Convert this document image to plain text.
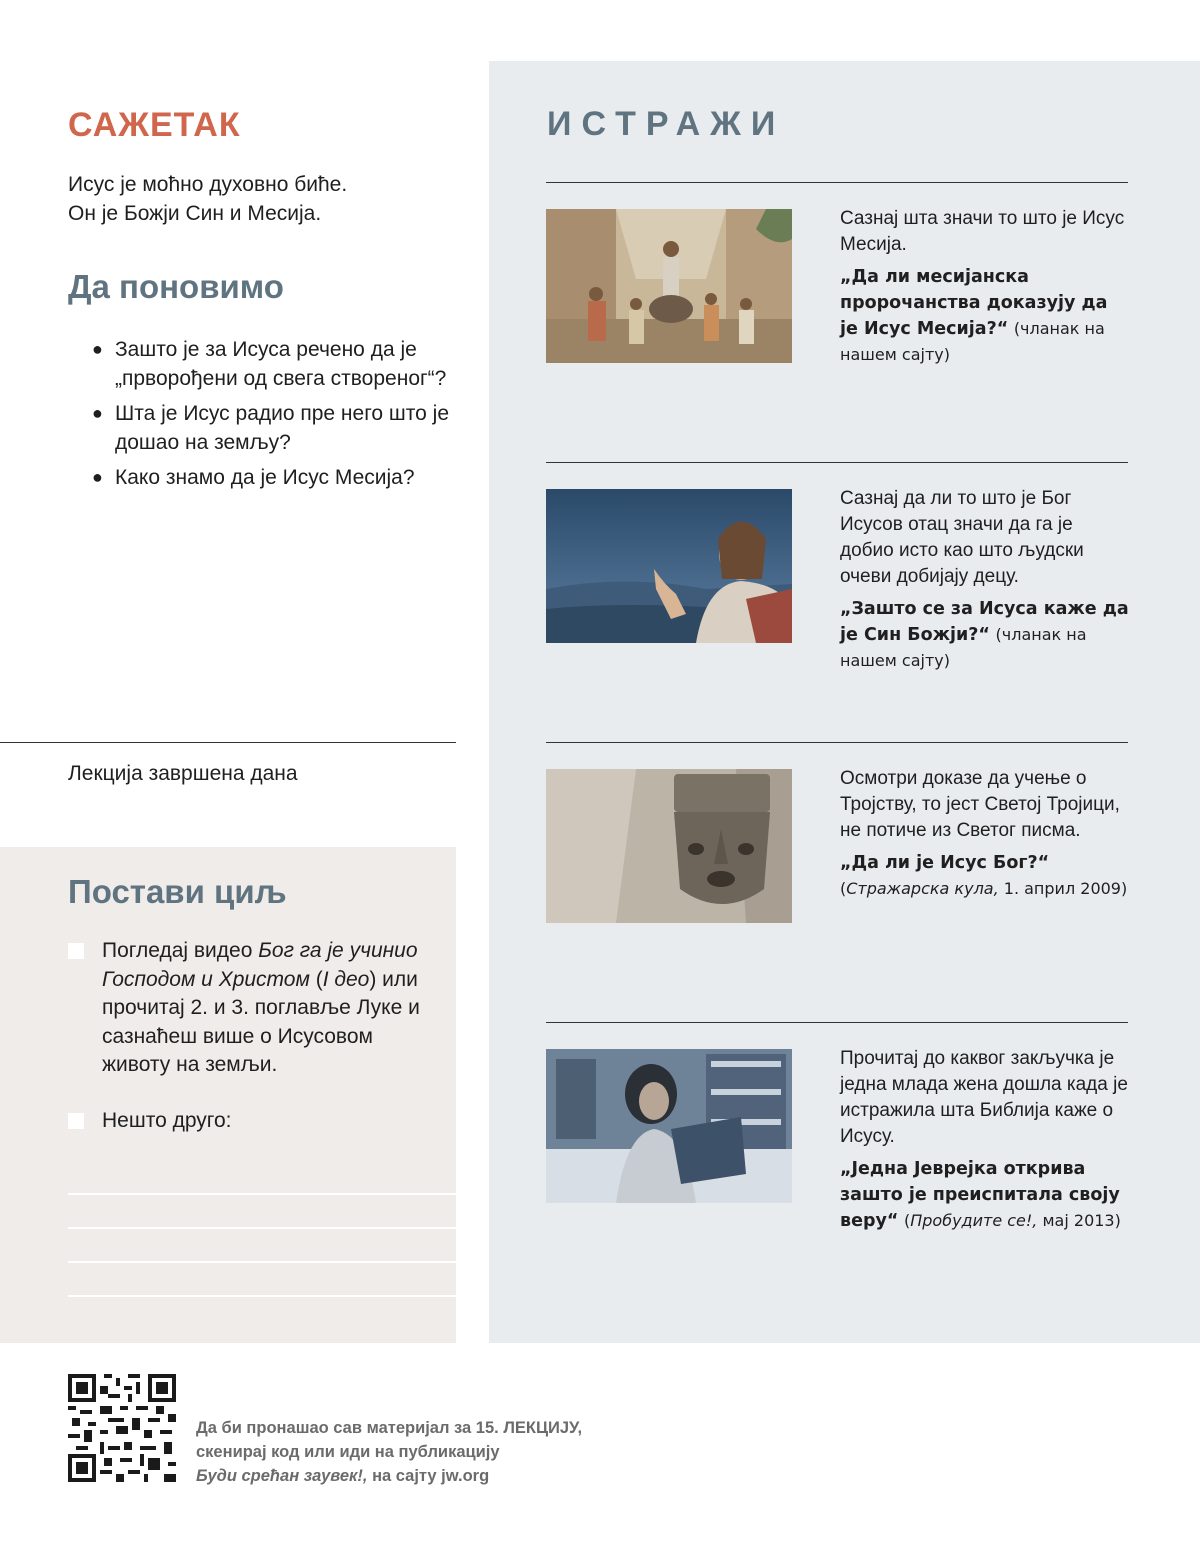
САЖЕТАК
Исус је моћно духовно биће.
Он је Божји Син и Месија.
Да поновимо
● Зашто је за Исуса речено да је „прворођени од свега створеног“?
● Шта је Исус радио пре него што је дошао на земљу?
● Како знамо да је Исус Месија?
Лекција завршена дана
Постави циљ
Погледај видео Бог га је учинио Господом и Христом (I део) или прочитај 2. и 3. поглавље Луке и сазнаћеш више о Исусовом животу на земљи.
Нешто друго:
ИСТРАЖИ
Сазнај шта значи то што је Исус Месија.
„Да ли месијанска пророчанства доказују да је Исус Месија?“ (чланак на нашем сајту)
Сазнај да ли то што је Бог Исусов отац значи да га је добио исто као што људски очеви добијају децу.
„Зашто се за Исуса каже да је Син Божји?“ (чланак на нашем сајту)
Осмотри доказе да учење о Тројству, то јест Светој Тројици, не потиче из Светог писма.
„Да ли је Исус Бог?“
(Стражарска кула, 1. април 2009)
Прочитај до каквог закључка је једна млада жена дошла када је истражила шта Библија каже о Исусу.
„Једна Јеврејка открива зашто је преиспитала своју веру“ (Пробудите се!, мај 2013)
Да би пронашао сав материјал за 15. ЛЕКЦИЈУ,
скенирај код или иди на публикацију
Буди срећан заувек!, на сајту jw.org
